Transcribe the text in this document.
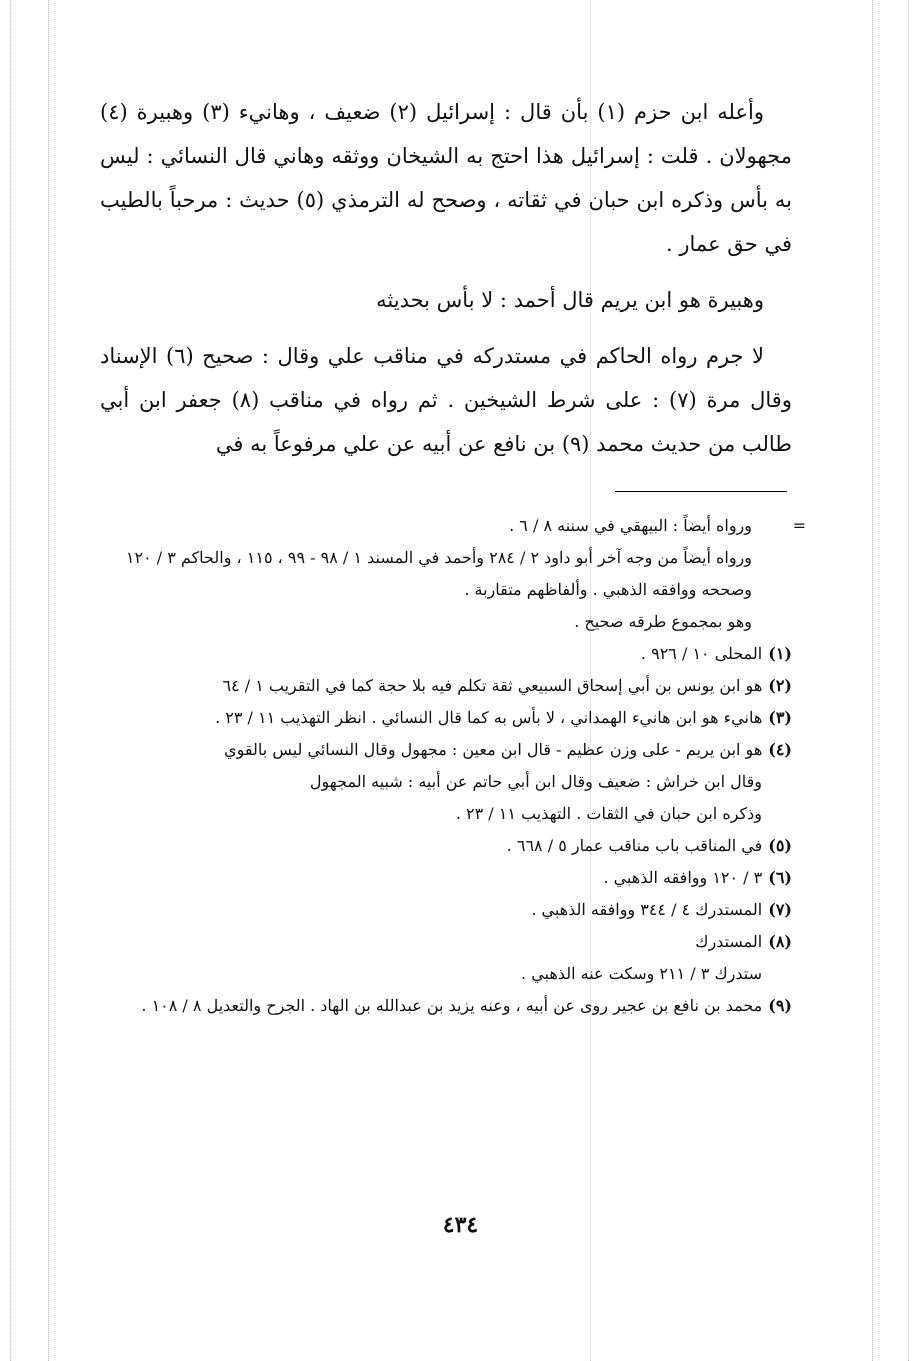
وأعله ابن حزم (١) بأن قال : إسرائيل (٢) ضعيف ، وهانيء (٣) وهبيرة (٤) مجهولان . قلت : إسرائيل هذا احتج به الشيخان ووثقه وهاني قال النسائي : ليس به بأس وذكره ابن حبان في ثقاته ، وصحح له الترمذي (٥) حديث : مرحباً بالطيب في حق عمار .

وهبيرة هو ابن يريم قال أحمد : لا بأس بحديثه

لا جرم رواه الحاكم في مستدركه في مناقب علي وقال : صحيح (٦) الإسناد وقال مرة (٧) : على شرط الشيخين . ثم رواه في مناقب (٨) جعفر ابن أبي طالب من حديث محمد (٩) بن نافع عن أبيه عن علي مرفوعاً به في

=
ورواه أيضاً : البيهقي في سننه ٨ / ٦ .
ورواه أيضاً من وجه آخر أبو داود ٢ / ٢٨٤ وأحمد في المسند ١ / ٩٨ - ٩٩ ، ١١٥ ، والحاكم ٣ / ١٢٠ وصححه ووافقه الذهبي . وألفاظهم متقاربة .
وهو بمجموع طرقه صحيح .
(١)
المحلى ١٠ / ٩٢٦ .
(٢)
هو ابن يونس بن أبي إسحاق السبيعي ثقة تكلم فيه بلا حجة كما في التقريب ١ / ٦٤
(٣)
هانيء هو ابن هانيء الهمداني ، لا بأس به كما قال النسائي . انظر التهذيب ١١ / ٢٣ .
(٤)
هو ابن يريم - على وزن عظيم - قال ابن معين : مجهول وقال النسائي ليس بالقوي
وقال ابن خراش : ضعيف وقال ابن أبي حاتم عن أبيه : شبيه المجهول
وذكره ابن حبان في الثقات . التهذيب ١١ / ٢٣ .
(٥)
في المناقب باب مناقب عمار ٥ / ٦٦٨ .
(٦)
٣ / ١٢٠ ووافقه الذهبي .
(٧)
المستدرك ٤ / ٣٤٤ ووافقه الذهبي .
(٨)
المستدرك
ستدرك ٣ / ٢١١ وسكت عنه الذهبي .
(٩)
محمد بن نافع بن عجير روى عن أبيه ، وعنه يزيد بن عبدالله بن الهاد . الجرح والتعديل ٨ / ١٠٨ .
٤٣٤
